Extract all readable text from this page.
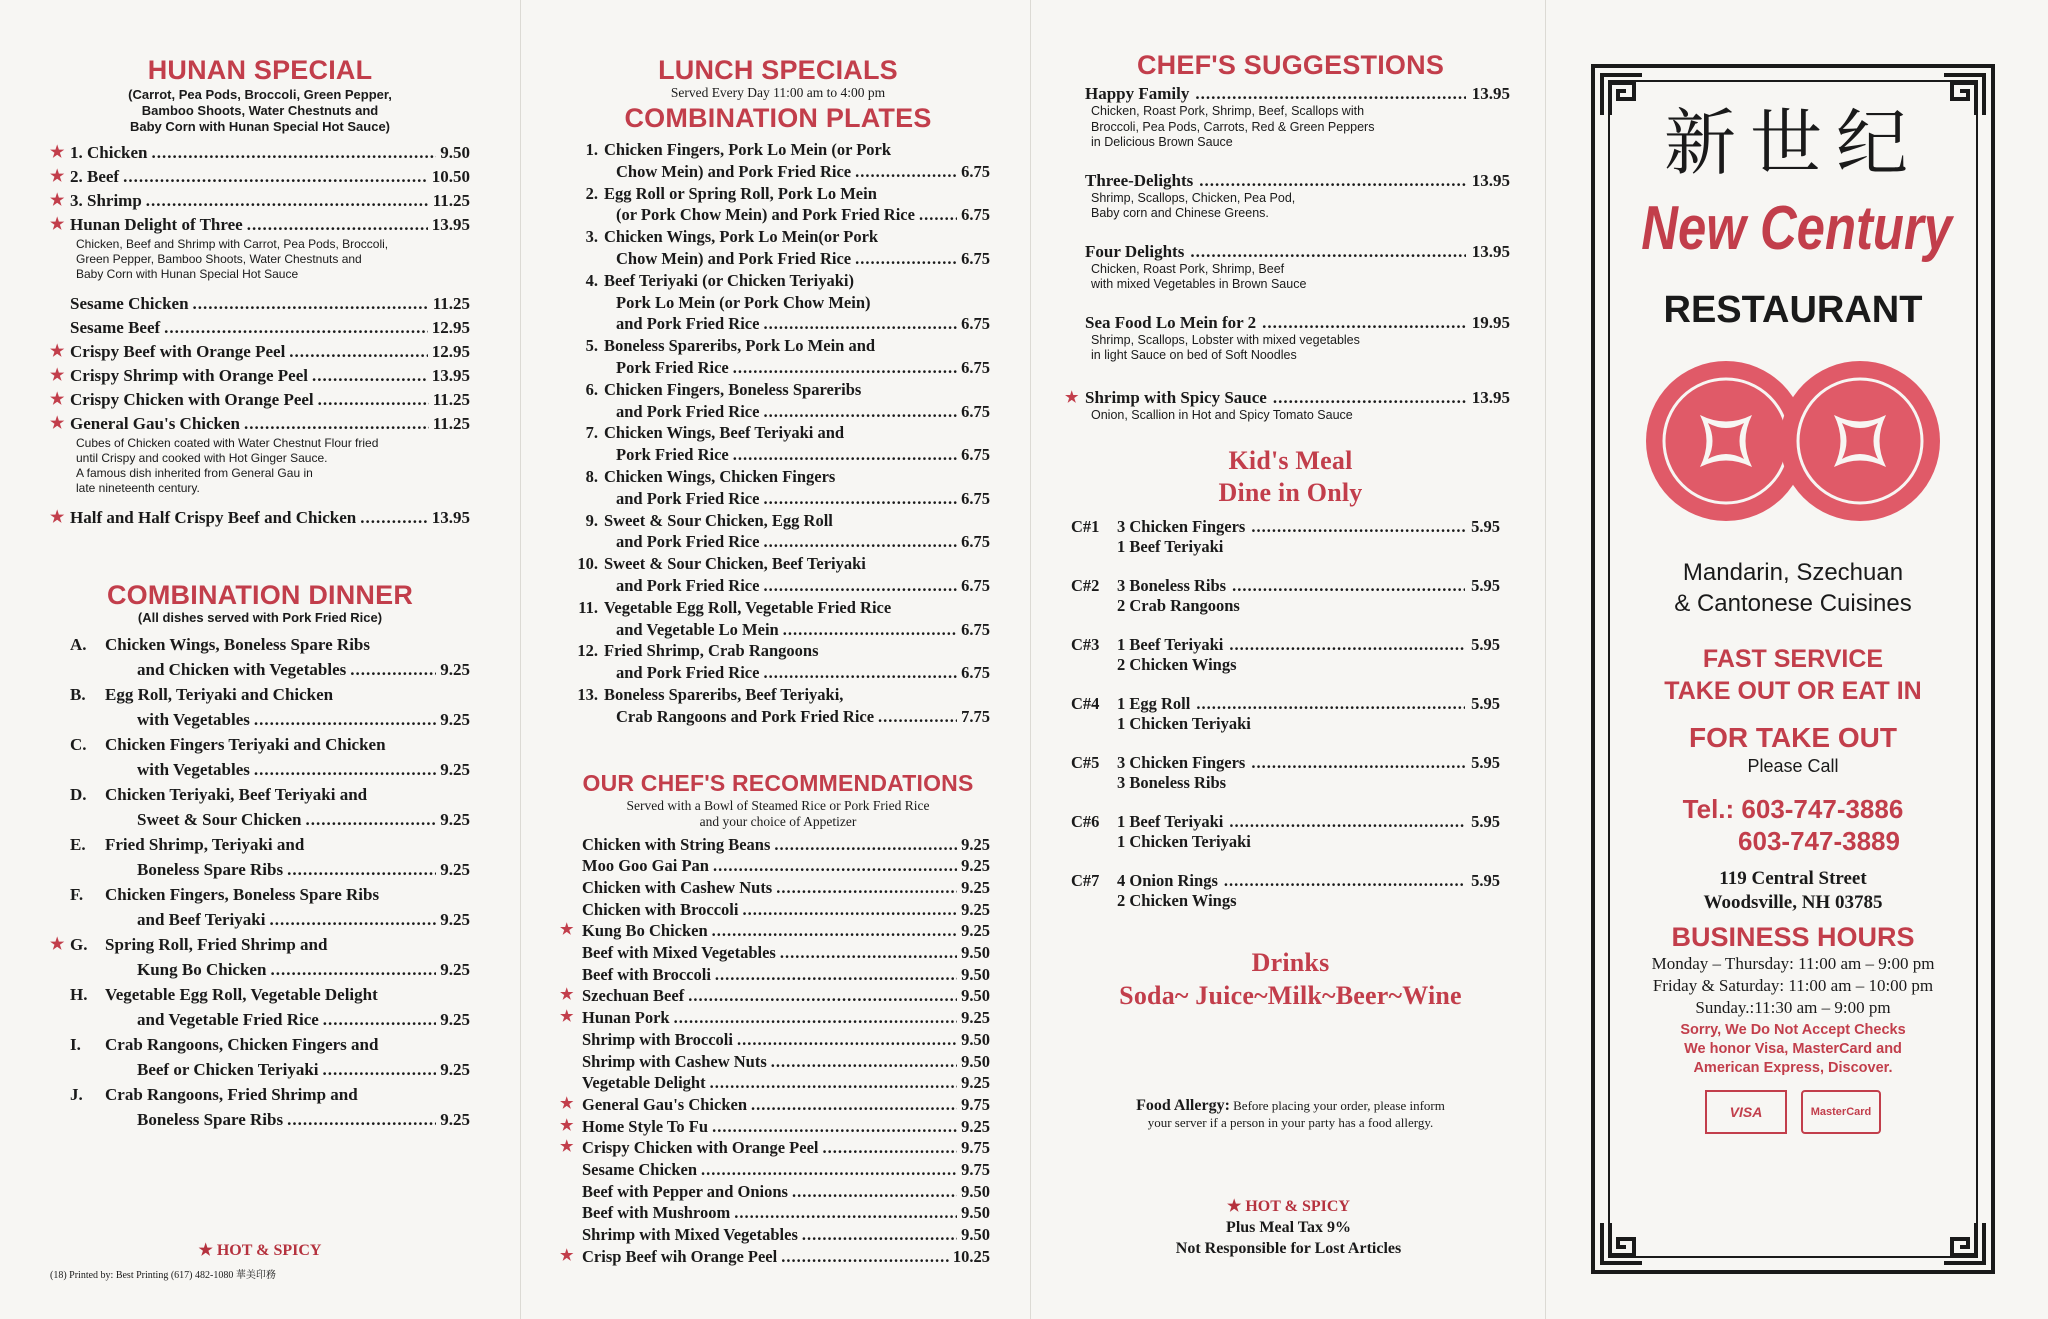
HUNAN SPECIAL
(Carrot, Pea Pods, Broccoli, Green Pepper,
Bamboo Shoots, Water Chestnuts and
Baby Corn with Hunan Special Hot Sauce)
★ 1. Chicken .....	9.50
★ 2. Beef .....	10.50
★ 3. Shrimp .....	11.25
★ Hunan Delight of Three .....	13.95
Chicken, Beef and Shrimp with Carrot, Pea Pods, Broccoli,
Green Pepper, Bamboo Shoots, Water Chestnuts and
Baby Corn with Hunan Special Hot Sauce
Sesame Chicken .....	11.25
Sesame Beef .....	12.95
★ Crispy Beef with Orange Peel .....	12.95
★ Crispy Shrimp with Orange Peel .....	13.95
★ Crispy Chicken with Orange Peel .....	11.25
★ General Gau's Chicken .....	11.25
Cubes of Chicken coated with Water Chestnut Flour fried
until Crispy and cooked with Hot Ginger Sauce.
A famous dish inherited from General Gau in
late nineteenth century.
★ Half and Half Crispy Beef and Chicken .....	13.95
COMBINATION DINNER
(All dishes served with Pork Fried Rice)
A.	Chicken Wings, Boneless Spare Ribs
and Chicken with Vegetables .....	9.25
B.	Egg Roll, Teriyaki and Chicken
with Vegetables .....	9.25
C.	Chicken Fingers Teriyaki and Chicken
with Vegetables .....	9.25
D.	Chicken Teriyaki, Beef Teriyaki and
Sweet & Sour Chicken .....	9.25
E.	Fried Shrimp, Teriyaki and
Boneless Spare Ribs .....	9.25
F.	Chicken Fingers, Boneless Spare Ribs
and Beef Teriyaki .....	9.25
★ G.	Spring Roll, Fried Shrimp and
Kung Bo Chicken .....	9.25
H.	Vegetable Egg Roll, Vegetable Delight
and Vegetable Fried Rice .....	9.25
I.	Crab Rangoons, Chicken Fingers and
Beef or Chicken Teriyaki .....	9.25
J.	Crab Rangoons, Fried Shrimp and
Boneless Spare Ribs .....	9.25
★ HOT & SPICY
(18) Printed by: Best Printing (617) 482-1080 華美印務
LUNCH SPECIALS
Served Every Day 11:00 am to 4:00 pm
COMBINATION PLATES
1. Chicken Fingers, Pork Lo Mein (or Pork
Chow Mein) and Pork Fried Rice .....	6.75
2. Egg Roll or Spring Roll, Pork Lo Mein
(or Pork Chow Mein) and Pork Fried Rice .....	6.75
3. Chicken Wings, Pork Lo Mein(or Pork
Chow Mein) and Pork Fried Rice .....	6.75
4. Beef Teriyaki (or Chicken Teriyaki)
Pork Lo Mein (or Pork Chow Mein)
and Pork Fried Rice .....	6.75
5. Boneless Spareribs, Pork Lo Mein and
Pork Fried Rice .....	6.75
6. Chicken Fingers, Boneless Spareribs
and Pork Fried Rice .....	6.75
7. Chicken Wings, Beef Teriyaki and
Pork Fried Rice .....	6.75
8. Chicken Wings, Chicken Fingers
and Pork Fried Rice .....	6.75
9. Sweet & Sour Chicken, Egg Roll
and Pork Fried Rice .....	6.75
10. Sweet & Sour Chicken, Beef Teriyaki
and Pork Fried Rice .....	6.75
11. Vegetable Egg Roll, Vegetable Fried Rice
and Vegetable Lo Mein .....	6.75
12. Fried Shrimp, Crab Rangoons
and Pork Fried Rice .....	6.75
13. Boneless Spareribs, Beef Teriyaki,
Crab Rangoons and Pork Fried Rice .....	7.75
OUR CHEF'S RECOMMENDATIONS
Served with a Bowl of Steamed Rice or Pork Fried Rice
and your choice of Appetizer
Chicken with String Beans .....	9.25
Moo Goo Gai Pan .....	9.25
Chicken with Cashew Nuts .....	9.25
Chicken with Broccoli .....	9.25
★ Kung Bo Chicken .....	9.25
Beef with Mixed Vegetables .....	9.50
Beef with Broccoli .....	9.50
★ Szechuan Beef .....	9.50
★ Hunan Pork .....	9.25
Shrimp with Broccoli .....	9.50
Shrimp with Cashew Nuts .....	9.50
Vegetable Delight .....	9.25
★ General Gau's Chicken .....	9.75
★ Home Style To Fu .....	9.25
★ Crispy Chicken with Orange Peel .....	9.75
Sesame Chicken .....	9.75
Beef with Pepper and Onions .....	9.50
Beef with Mushroom .....	9.50
Shrimp with Mixed Vegetables .....	9.50
★ Crisp Beef wih Orange Peel .....	10.25
CHEF'S SUGGESTIONS
Happy Family .....	13.95
Chicken, Roast Pork, Shrimp, Beef, Scallops with
Broccoli, Pea Pods, Carrots, Red & Green Peppers
in Delicious Brown Sauce
Three-Delights .....	13.95
Shrimp, Scallops, Chicken, Pea Pod,
Baby corn and Chinese Greens.
Four Delights .....	13.95
Chicken, Roast Pork, Shrimp, Beef
with mixed Vegetables in Brown Sauce
Sea Food Lo Mein for 2 .....	19.95
Shrimp, Scallops, Lobster with mixed vegetables
in light Sauce on bed of Soft Noodles
★ Shrimp with Spicy Sauce .....	13.95
Onion, Scallion in Hot and Spicy Tomato Sauce
Kid's Meal
Dine in Only
C#1	3 Chicken Fingers .....	5.95
1 Beef Teriyaki
C#2	3 Boneless Ribs .....	5.95
2 Crab Rangoons
C#3	1 Beef Teriyaki .....	5.95
2 Chicken Wings
C#4	1 Egg Roll .....	5.95
1 Chicken Teriyaki
C#5	3 Chicken Fingers .....	5.95
3 Boneless Ribs
C#6	1 Beef Teriyaki .....	5.95
1 Chicken Teriyaki
C#7	4 Onion Rings .....	5.95
2 Chicken Wings
Drinks
Soda~ Juice~Milk~Beer~Wine
Food Allergy: Before placing your order, please inform
your server if a person in your party has a food allergy.
★ HOT & SPICY
Plus Meal Tax 9%
Not Responsible for Lost Articles
新世纪
New Century
RESTAURANT
Mandarin, Szechuan
& Cantonese Cuisines
FAST SERVICE
TAKE OUT OR EAT IN
FOR TAKE OUT
Please Call
Tel.: 603-747-3886
603-747-3889
119 Central Street
Woodsville, NH 03785
BUSINESS HOURS
Monday – Thursday: 11:00 am – 9:00 pm
Friday & Saturday: 11:00 am – 10:00 pm
Sunday.:11:30 am – 9:00 pm
Sorry, We Do Not Accept Checks
We honor Visa, MasterCard and
American Express, Discover.
VISA	MasterCard
